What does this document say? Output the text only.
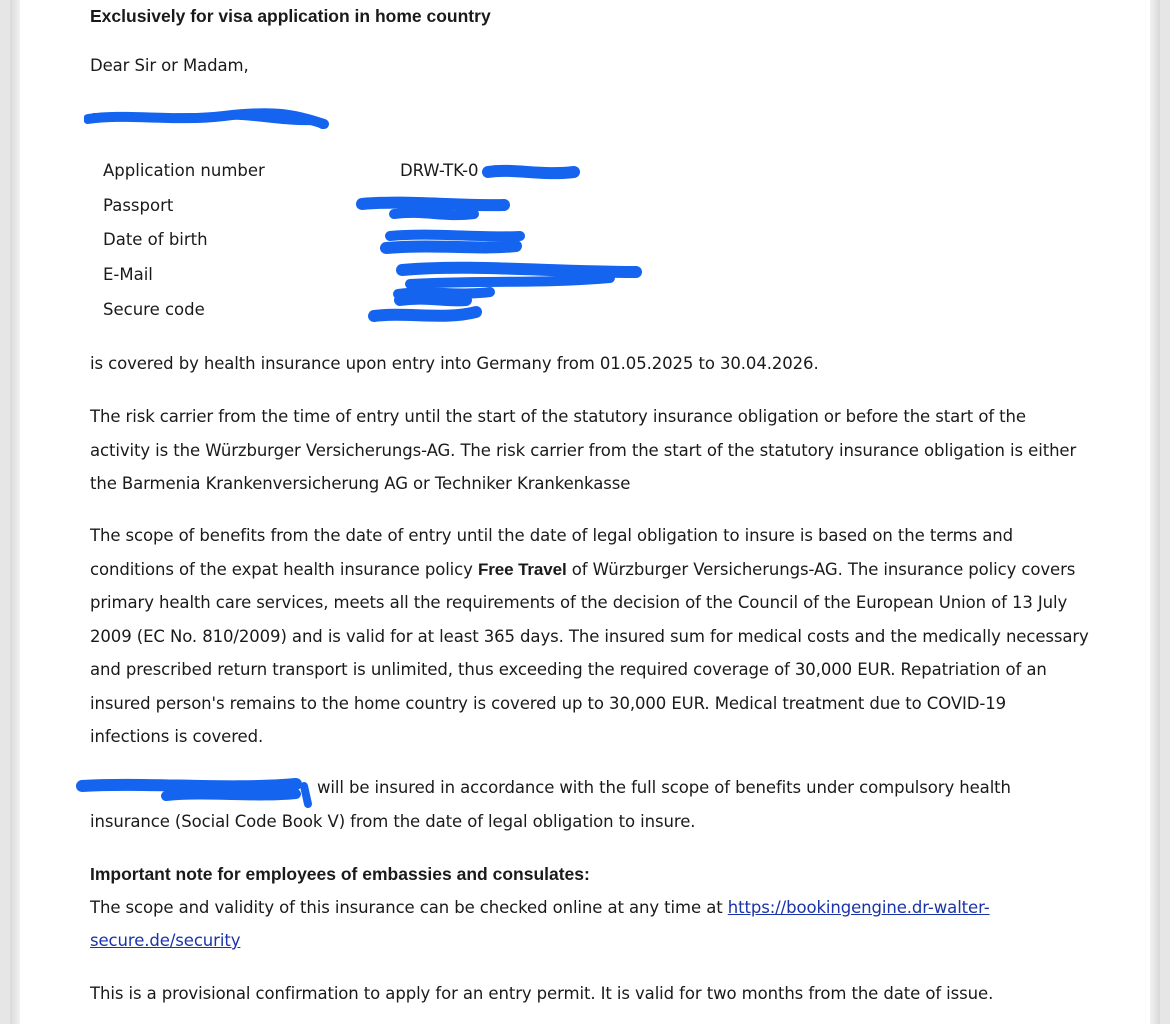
Exclusively for visa application in home country
Dear Sir or Madam,
Application number	DRW-TK-0
Passport
Date of birth
E-Mail
Secure code
is covered by health insurance upon entry into Germany from 01.05.2025 to 30.04.2026.
The risk carrier from the time of entry until the start of the statutory insurance obligation or before the start of the activity is the Würzburger Versicherungs-AG. The risk carrier from the start of the statutory insurance obligation is either the Barmenia Krankenversicherung AG or Techniker Krankenkasse
The scope of benefits from the date of entry until the date of legal obligation to insure is based on the terms and conditions of the expat health insurance policy Free Travel of Würzburger Versicherungs-AG. The insurance policy covers primary health care services, meets all the requirements of the decision of the Council of the European Union of 13 July 2009 (EC No. 810/2009) and is valid for at least 365 days. The insured sum for medical costs and the medically necessary and prescribed return transport is unlimited, thus exceeding the required coverage of 30,000 EUR. Repatriation of an insured person's remains to the home country is covered up to 30,000 EUR. Medical treatment due to COVID-19 infections is covered.
will be insured in accordance with the full scope of benefits under compulsory health
insurance (Social Code Book V) from the date of legal obligation to insure.
Important note for employees of embassies and consulates:
The scope and validity of this insurance can be checked online at any time at https://bookingengine.dr-walter-
secure.de/security
This is a provisional confirmation to apply for an entry permit. It is valid for two months from the date of issue.
